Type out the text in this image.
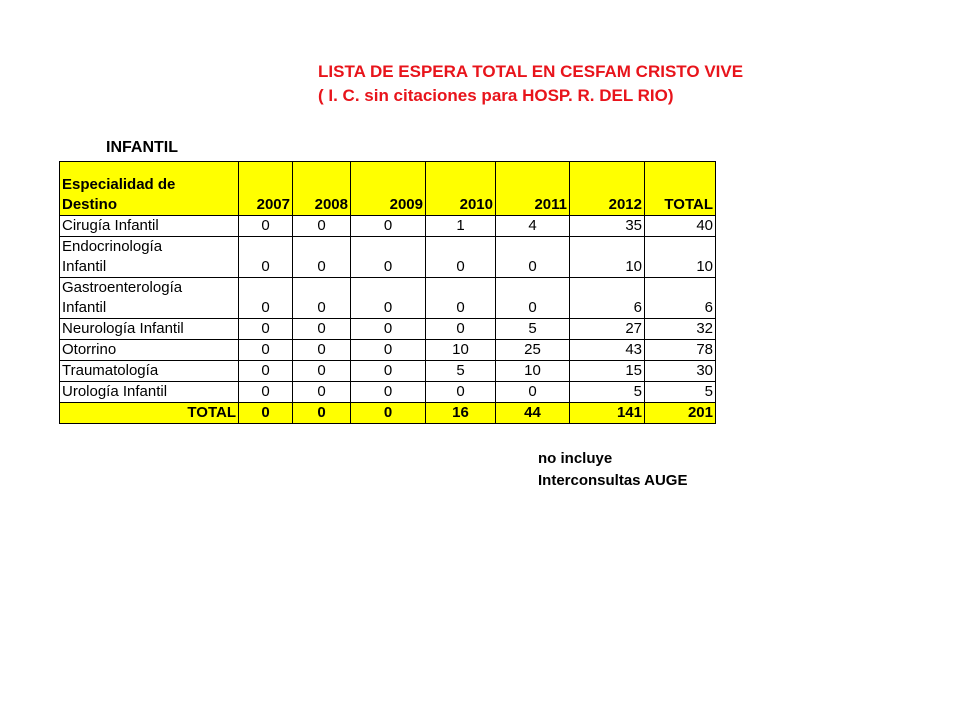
LISTA DE ESPERA TOTAL EN CESFAM CRISTO VIVE
( I. C. sin citaciones para HOSP. R. DEL RIO)
INFANTIL
Especialidad de
Destino	2007	2008	2009	2010	2011	2012	TOTAL
Cirugía Infantil	0	0	0	1	4	35	40
Endocrinología
Infantil	0	0	0	0	0	10	10
Gastroenterología
Infantil	0	0	0	0	0	6	6
Neurología Infantil	0	0	0	0	5	27	32
Otorrino	0	0	0	10	25	43	78
Traumatología	0	0	0	5	10	15	30
Urología Infantil	0	0	0	0	0	5	5
TOTAL	0	0	0	16	44	141	201
no incluye
Interconsultas AUGE
